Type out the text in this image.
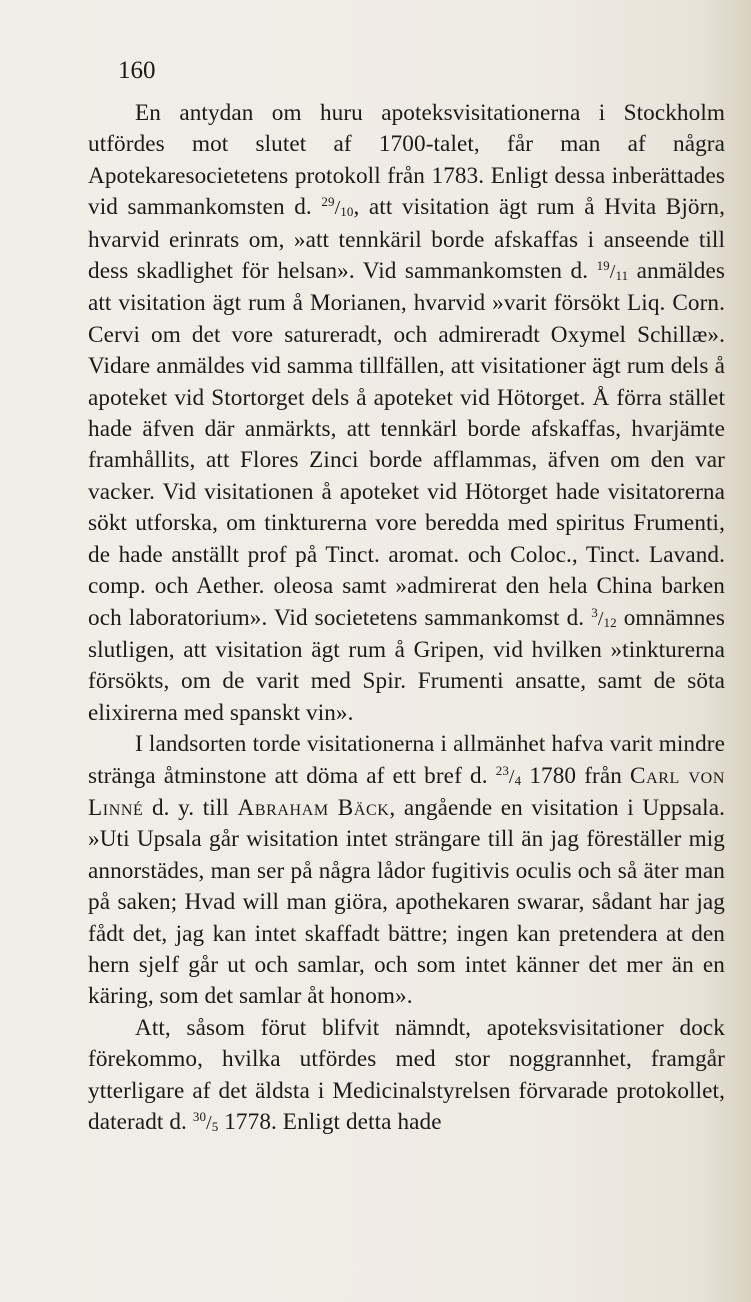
160

En antydan om huru apoteksvisitationerna i Stockholm utfördes mot slutet af 1700-talet, får man af några Apotekaresocietetens protokoll från 1783. Enligt dessa inberättades vid sammankomsten d. $^{29}/_{10}$, att visitation ägt rum å Hvita Björn, hvarvid erinrats om, »att tennkäril borde afskaffas i anseende till dess skadlighet för helsan». Vid sammankomsten d. $^{19}/_{11}$ anmäldes att visitation ägt rum å Morianen, hvarvid »varit försökt Liq. Corn. Cervi om det vore satureradt, och admireradt Oxymel Schillæ». Vidare anmäldes vid samma tillfällen, att visitationer ägt rum dels å apoteket vid Stortorget dels å apoteket vid Hötorget. Å förra stället hade äfven där anmärkts, att tennkärl borde afskaffas, hvarjämte framhållits, att Flores Zinci borde afflammas, äfven om den var vacker. Vid visitationen å apoteket vid Hötorget hade visitatorerna sökt utforska, om tinkturerna vore beredda med spiritus Frumenti, de hade anställt prof på Tinct. aromat. och Coloc., Tinct. Lavand. comp. och Aether. oleosa samt »admirerat den hela China barken och laboratorium». Vid societetens sammankomst d. $^3/_{12}$ omnämnes slutligen, att visitation ägt rum å Gripen, vid hvilken »tinkturerna försökts, om de varit med Spir. Frumenti ansatte, samt de söta elixirerna med spanskt vin».

I landsorten torde visitationerna i allmänhet hafva varit mindre stränga åtminstone att döma af ett bref d. $^{23}/_4$ 1780 från Carl von Linné d. y. till Abraham Bäck, angående en visitation i Uppsala. »Uti Upsala går wisitation intet strängare till än jag föreställer mig annorstädes, man ser på några lådor fugitivis oculis och så äter man på saken; Hvad will man giöra, apothekaren swarar, sådant har jag fådt det, jag kan intet skaffadt bättre; ingen kan pretendera at den hern sjelf går ut och samlar, och som intet känner det mer än en käring, som det samlar åt honom».

Att, såsom förut blifvit nämndt, apoteksvisitationer dock förekommo, hvilka utfördes med stor noggrannhet, framgår ytterligare af det äldsta i Medicinalstyrelsen förvarade protokollet, dateradt d. $^{30}/_5$ 1778. Enligt detta hade
